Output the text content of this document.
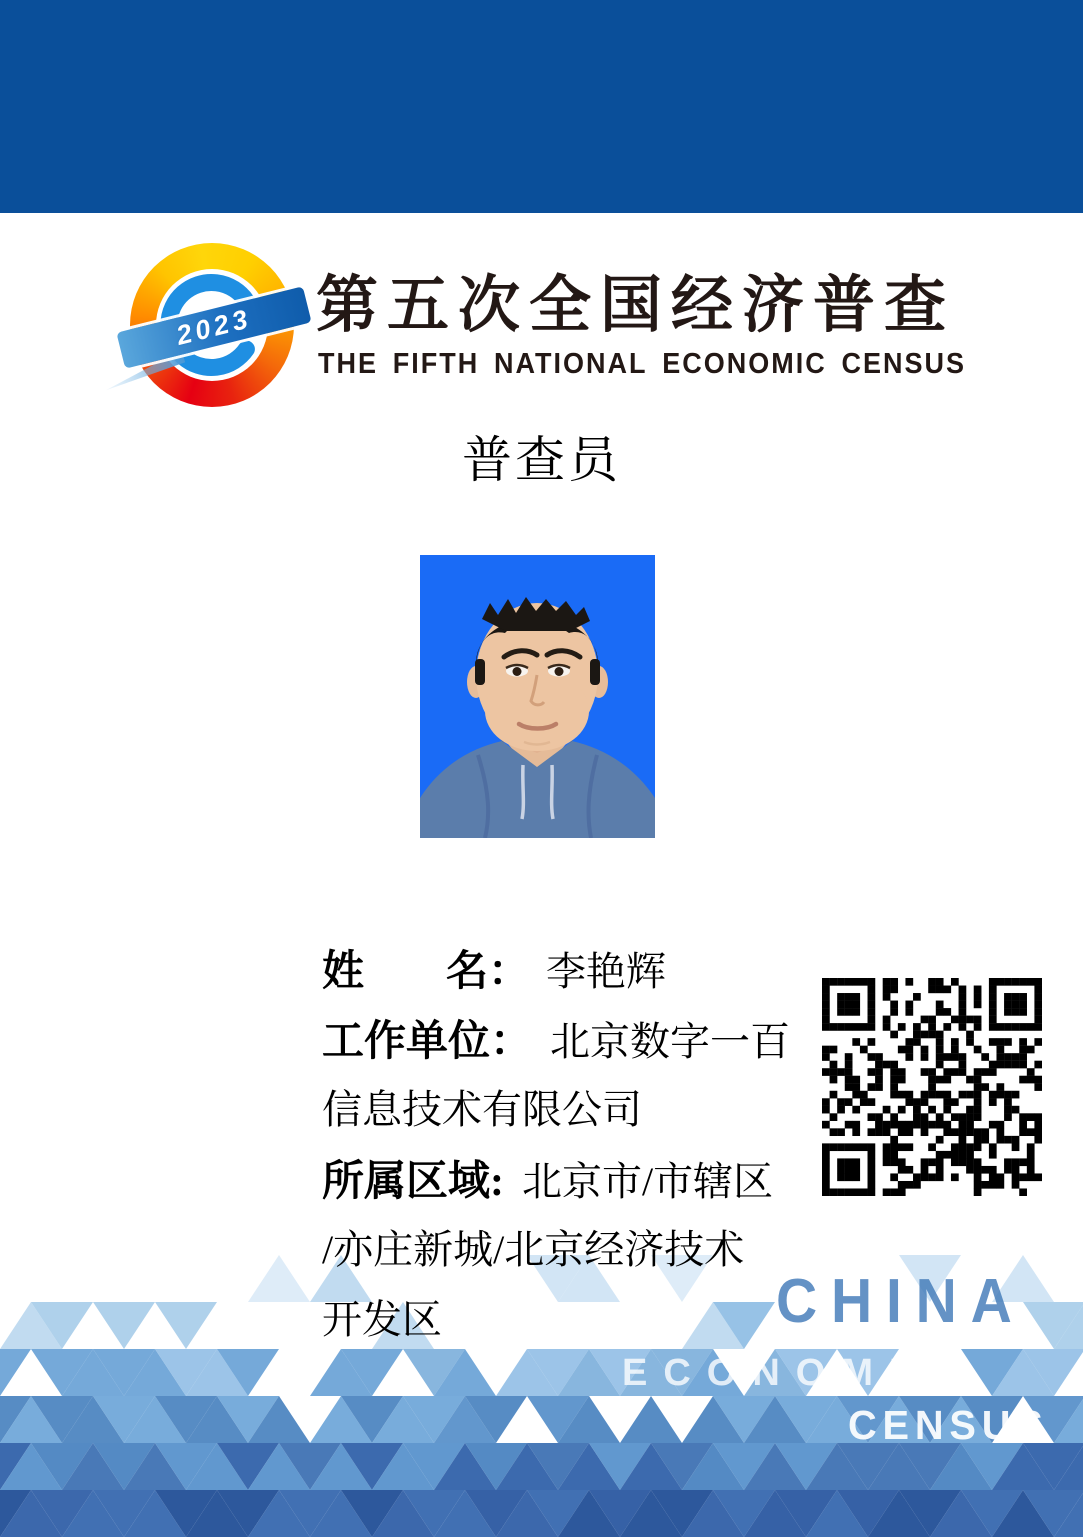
2023 第五次全国经济普查
THE FIFTH NATIONAL ECONOMIC CENSUS
普查员
姓 名： 李艳辉
工作单位： 北京数字一百
信息技术有限公司
所属区域: 北京市/市辖区
/亦庄新城/北京经济技术
开发区	CHINA
ECONOMIC
CENSUS
